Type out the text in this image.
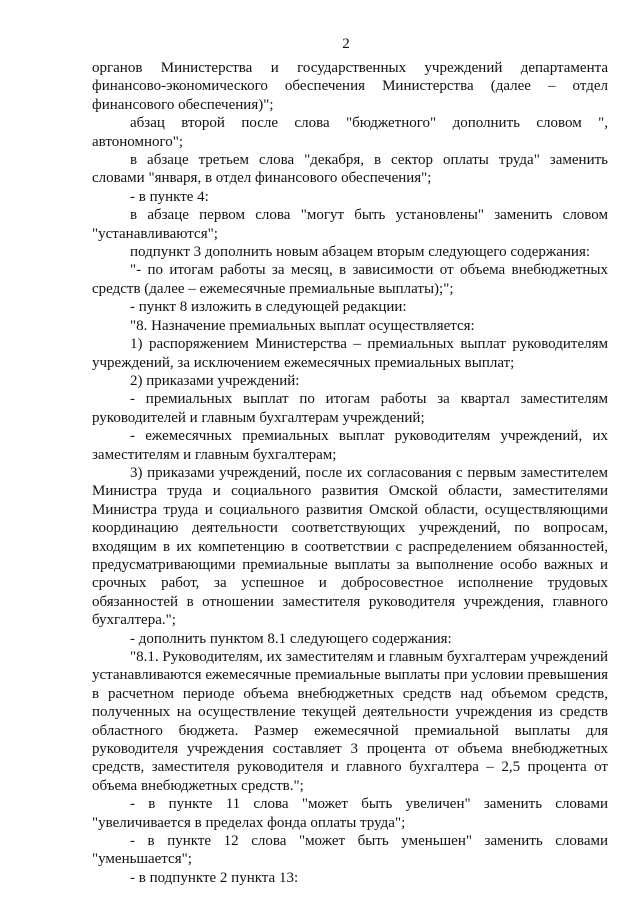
2

органов Министерства и государственных учреждений департамента финансово-экономического обеспечения Министерства (далее – отдел финансового обеспечения)";

абзац второй после слова "бюджетного" дополнить словом ", автономного";

в абзаце третьем слова "декабря, в сектор оплаты труда" заменить словами "января, в отдел финансового обеспечения";

- в пункте 4:

в абзаце первом слова "могут быть установлены" заменить словом "устанавливаются";

подпункт 3 дополнить новым абзацем вторым следующего содержания:

"- по итогам работы за месяц, в зависимости от объема внебюджетных средств (далее – ежемесячные премиальные выплаты);";

- пункт 8 изложить в следующей редакции:

"8. Назначение премиальных выплат осуществляется:

1) распоряжением Министерства – премиальных выплат руководителям учреждений, за исключением ежемесячных премиальных выплат;

2) приказами учреждений:

- премиальных выплат по итогам работы за квартал заместителям руководителей и главным бухгалтерам учреждений;

- ежемесячных премиальных выплат руководителям учреждений, их заместителям и главным бухгалтерам;

3) приказами учреждений, после их согласования с первым заместителем Министра труда и социального развития Омской области, заместителями Министра труда и социального развития Омской области, осуществляющими координацию деятельности соответствующих учреждений, по вопросам, входящим в их компетенцию в соответствии с распределением обязанностей, предусматривающими премиальные выплаты за выполнение особо важных и срочных работ, за успешное и добросовестное исполнение трудовых обязанностей в отношении заместителя руководителя учреждения, главного бухгалтера.";

- дополнить пунктом 8.1 следующего содержания:

"8.1. Руководителям, их заместителям и главным бухгалтерам учреждений устанавливаются ежемесячные премиальные выплаты при условии превышения в расчетном периоде объема внебюджетных средств над объемом средств, полученных на осуществление текущей деятельности учреждения из средств областного бюджета. Размер ежемесячной премиальной выплаты для руководителя учреждения составляет 3 процента от объема внебюджетных средств, заместителя руководителя и главного бухгалтера – 2,5 процента от объема внебюджетных средств.";

- в пункте 11 слова "может быть увеличен" заменить словами "увеличивается в пределах фонда оплаты труда";

- в пункте 12 слова "может быть уменьшен" заменить словами "уменьшается";

- в подпункте 2 пункта 13:
